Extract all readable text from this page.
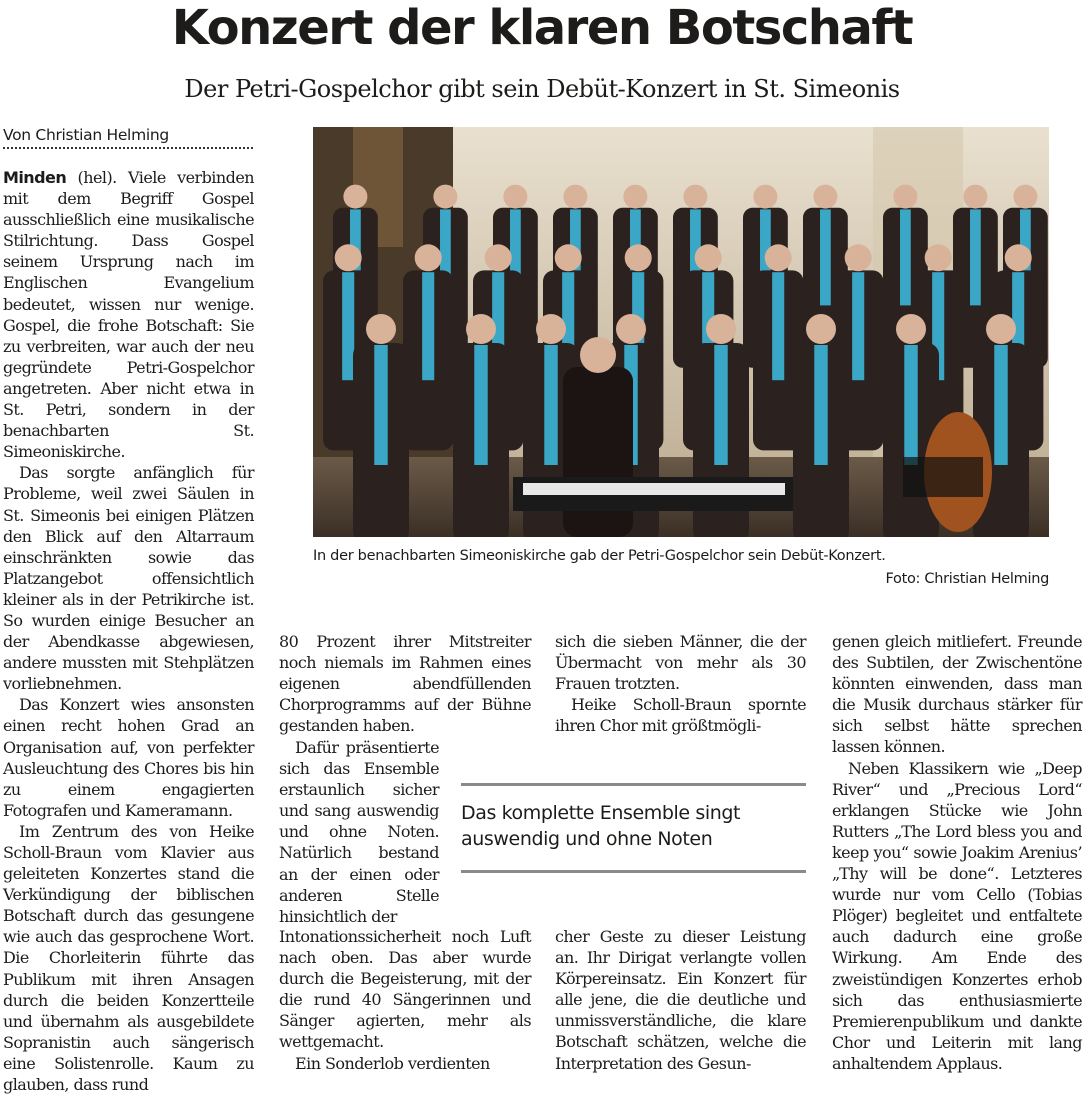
Konzert der klaren Botschaft
Der Petri-Gospelchor gibt sein Debüt-Konzert in St. Simeonis
Von Christian Helming

Minden (hel). Viele verbinden mit dem Begriff Gospel ausschließlich eine musikalische Stilrichtung. Dass Gospel seinem Ursprung nach im Englischen Evangelium bedeutet, wissen nur wenige. Gospel, die frohe Botschaft: Sie zu verbreiten, war auch der neu gegründete Petri-Gospelchor angetreten. Aber nicht etwa in St. Petri, sondern in der benachbarten St. Simeoniskirche.

Das sorgte anfänglich für Probleme, weil zwei Säulen in St. Simeonis bei einigen Plätzen den Blick auf den Altarraum einschränkten sowie das Platzangebot offensichtlich kleiner als in der Petrikirche ist. So wurden einige Besucher an der Abendkasse abgewiesen, andere mussten mit Stehplätzen vorliebnehmen.

Das Konzert wies ansonsten einen recht hohen Grad an Organisation auf, von perfekter Ausleuchtung des Chores bis hin zu einem engagierten Fotografen und Kameramann.

Im Zentrum des von Heike Scholl-Braun vom Klavier aus geleiteten Konzertes stand die Verkündigung der biblischen Botschaft durch das gesungene wie auch das gesprochene Wort. Die Chorleiterin führte das Publikum mit ihren Ansagen durch die beiden Konzertteile und übernahm als ausgebildete Sopranistin auch sängerisch eine Solistenrolle. Kaum zu glauben, dass rund

80 Prozent ihrer Mitstreiter noch niemals im Rahmen eines eigenen abendfüllenden Chorprogramms auf der Bühne gestanden haben.

Dafür präsentierte sich das Ensemble erstaunlich sicher und sang auswendig und ohne Noten. Natürlich bestand an der einen oder anderen Stelle hinsichtlich der

Intonationssicherheit noch Luft nach oben. Das aber wurde durch die Begeisterung, mit der die rund 40 Sängerinnen und Sänger agierten, mehr als wettgemacht.

Ein Sonderlob verdienten

sich die sieben Männer, die der Übermacht von mehr als 30 Frauen trotzten.

Heike Scholl-Braun spornte ihren Chor mit größtmögli-

cher Geste zu dieser Leistung an. Ihr Dirigat verlangte vollen Körpereinsatz. Ein Konzert für alle jene, die die deutliche und unmissverständliche, die klare Botschaft schätzen, welche die Interpretation des Gesun-

genen gleich mitliefert. Freunde des Subtilen, der Zwischentöne könnten einwenden, dass man die Musik durchaus stärker für sich selbst hätte sprechen lassen können.

Neben Klassikern wie „Deep River“ und „Precious Lord“ erklangen Stücke wie John Rutters „The Lord bless you and keep you“ sowie Joakim Arenius’ „Thy will be done“. Letzteres wurde nur vom Cello (Tobias Plöger) begleitet und entfaltete auch dadurch eine große Wirkung. Am Ende des zweistündigen Konzertes erhob sich das enthusiasmierte Premierenpublikum und dankte Chor und Leiterin mit lang anhaltendem Applaus.

Das komplette Ensemble singt auswendig und ohne Noten
In der benachbarten Simeoniskirche gab der Petri-Gospelchor sein Debüt-Konzert.
Foto: Christian Helming
